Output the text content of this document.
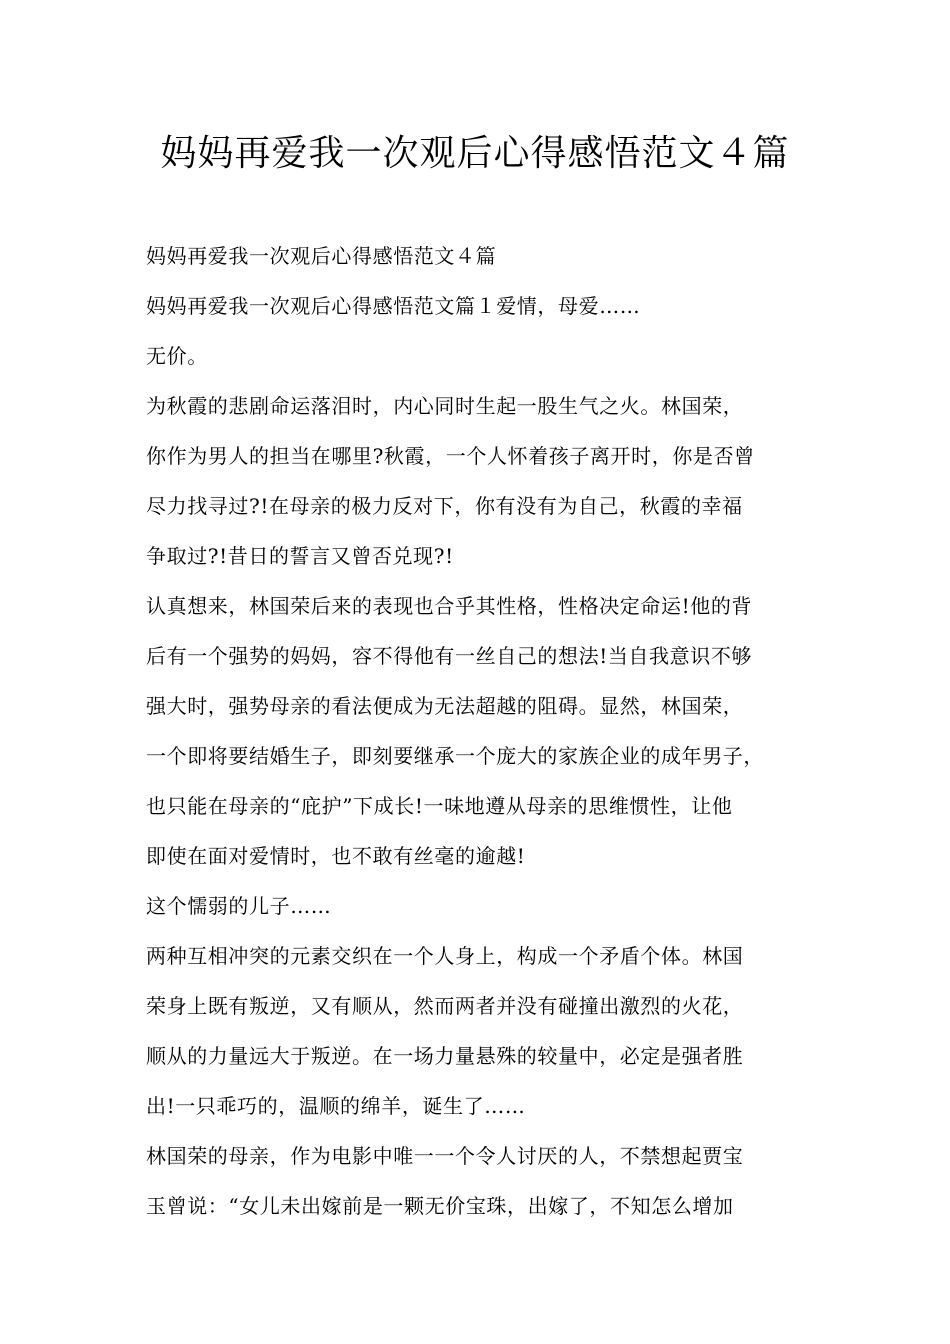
妈妈再爱我一次观后心得感悟范文４篇
妈妈再爱我一次观后心得感悟范文４篇
妈妈再爱我一次观后心得感悟范文篇１爱情，母爱……
无价。
为秋霞的悲剧命运落泪时，内心同时生起一股生气之火。林国荣，
你作为男人的担当在哪里?秋霞，一个人怀着孩子离开时，你是否曾
尽力找寻过?!在母亲的极力反对下，你有没有为自己，秋霞的幸福
争取过?!昔日的誓言又曾否兑现?!
认真想来，林国荣后来的表现也合乎其性格，性格决定命运!他的背
后有一个强势的妈妈，容不得他有一丝自己的想法!当自我意识不够
强大时，强势母亲的看法便成为无法超越的阻碍。显然，林国荣，
一个即将要结婚生子，即刻要继承一个庞大的家族企业的成年男子，
也只能在母亲的“庇护”下成长!一味地遵从母亲的思维惯性，让他
即使在面对爱情时，也不敢有丝毫的逾越!
这个懦弱的儿子……
两种互相冲突的元素交织在一个人身上，构成一个矛盾个体。林国
荣身上既有叛逆，又有顺从，然而两者并没有碰撞出激烈的火花，
顺从的力量远大于叛逆。在一场力量悬殊的较量中，必定是强者胜
出!一只乖巧的，温顺的绵羊，诞生了……
林国荣的母亲，作为电影中唯一一个令人讨厌的人，不禁想起贾宝
玉曾说：“女儿未出嫁前是一颗无价宝珠，出嫁了，不知怎么增加
